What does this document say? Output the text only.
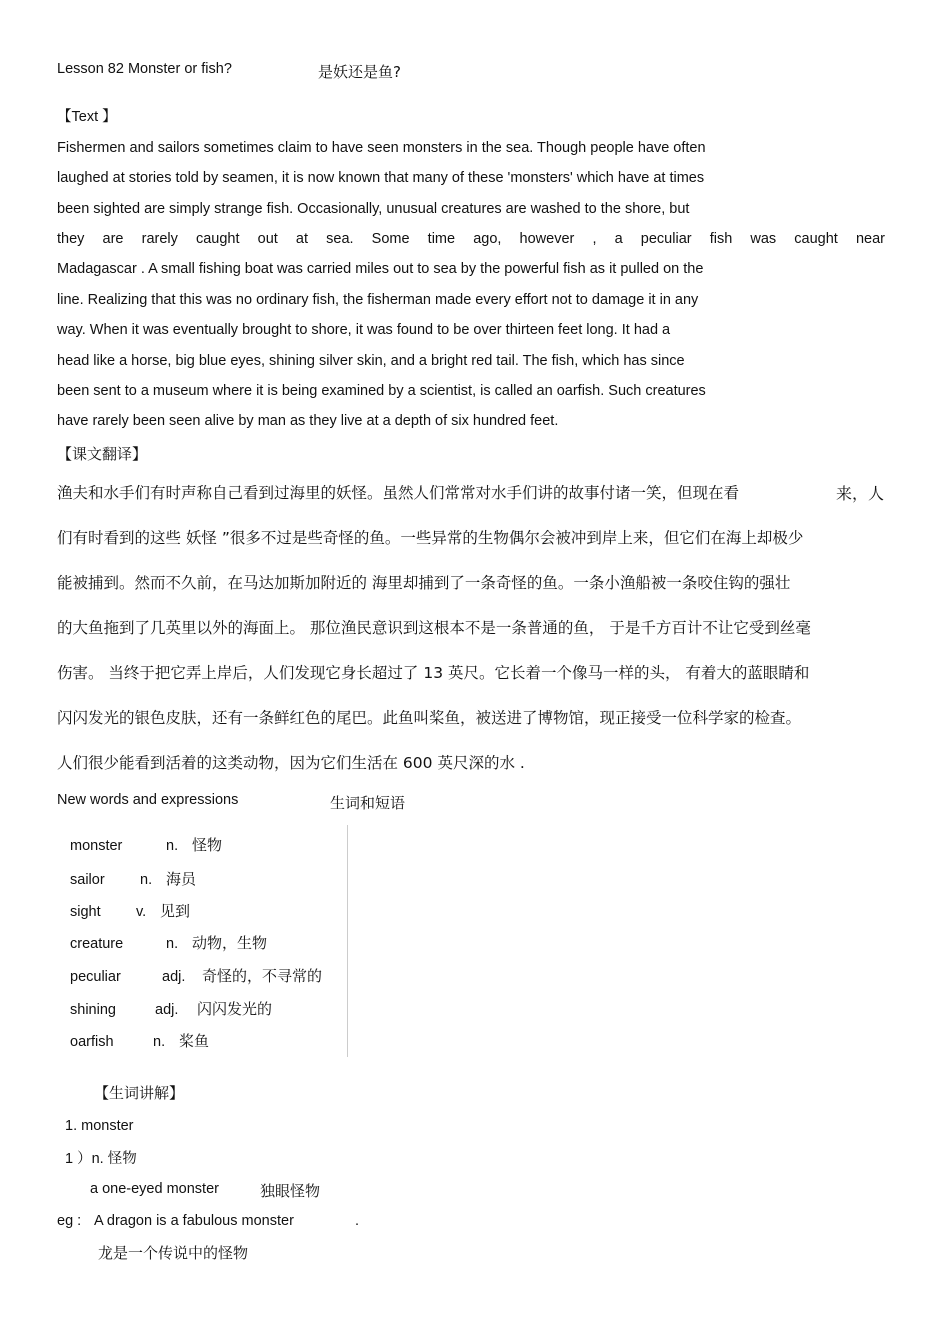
Lesson 82 Monster or fish?	是妖还是鱼?
【Text 】
Fishermen and sailors sometimes claim to have seen monsters in the sea. Though people have often
laughed at stories told by seamen, it is now known that many of these 'monsters' which have at times
been sighted are simply strange fish. Occasionally, unusual creatures are washed to the shore, but
they are rarely caught out at sea. Some time ago, however , a peculiar fish was caught near
Madagascar . A small fishing boat was carried miles out to sea by the powerful fish as it pulled on the
line. Realizing that this was no ordinary fish, the fisherman made every effort not to damage it in any
way. When it was eventually brought to shore, it was found to be over thirteen feet long. It had a
head like a horse, big blue eyes, shining silver skin, and a bright red tail. The fish, which has since
been sent to a museum where it is being examined by a scientist, is called an oarfish. Such creatures
have rarely been seen alive by man as they live at a depth of six hundred feet.
【课文翻译】
渔夫和水手们有时声称自己看到过海里的妖怪。虽然人们常常对水手们讲的故事付诸一笑，但现在看	来，人
们有时看到的这些 妖怪 ”很多不过是些奇怪的鱼。一些异常的生物偶尔会被冲到岸上来，但它们在海上却极少
能被捕到。然而不久前，在马达加斯加附近的 海里却捕到了一条奇怪的鱼。一条小渔船被一条咬住钩的强壮
的大鱼拖到了几英里以外的海面上。 那位渔民意识到这根本不是一条普通的鱼， 于是千方百计不让它受到丝毫
伤害。 当终于把它弄上岸后，人们发现它身长超过了 13 英尺。它长着一个像马一样的头， 有着大的蓝眼睛和
闪闪发光的银色皮肤，还有一条鲜红色的尾巴。此鱼叫桨鱼，被送进了博物馆，现正接受一位科学家的检查。
人们很少能看到活着的这类动物，因为它们生活在 600 英尺深的水 .
New words and expressions	生词和短语
monster	n. 怪物
sailor n. 海员
sight v. 见到
creature	n. 动物，生物
peculiar	adj. 奇怪的，不寻常的
shining	adj. 闪闪发光的
oarfish	n. 桨鱼
【生词讲解】
1. monster
1 ）n. 怪物
a one-eyed monster	独眼怪物
eg : A dragon is a fabulous monster	.
龙是一个传说中的怪物
